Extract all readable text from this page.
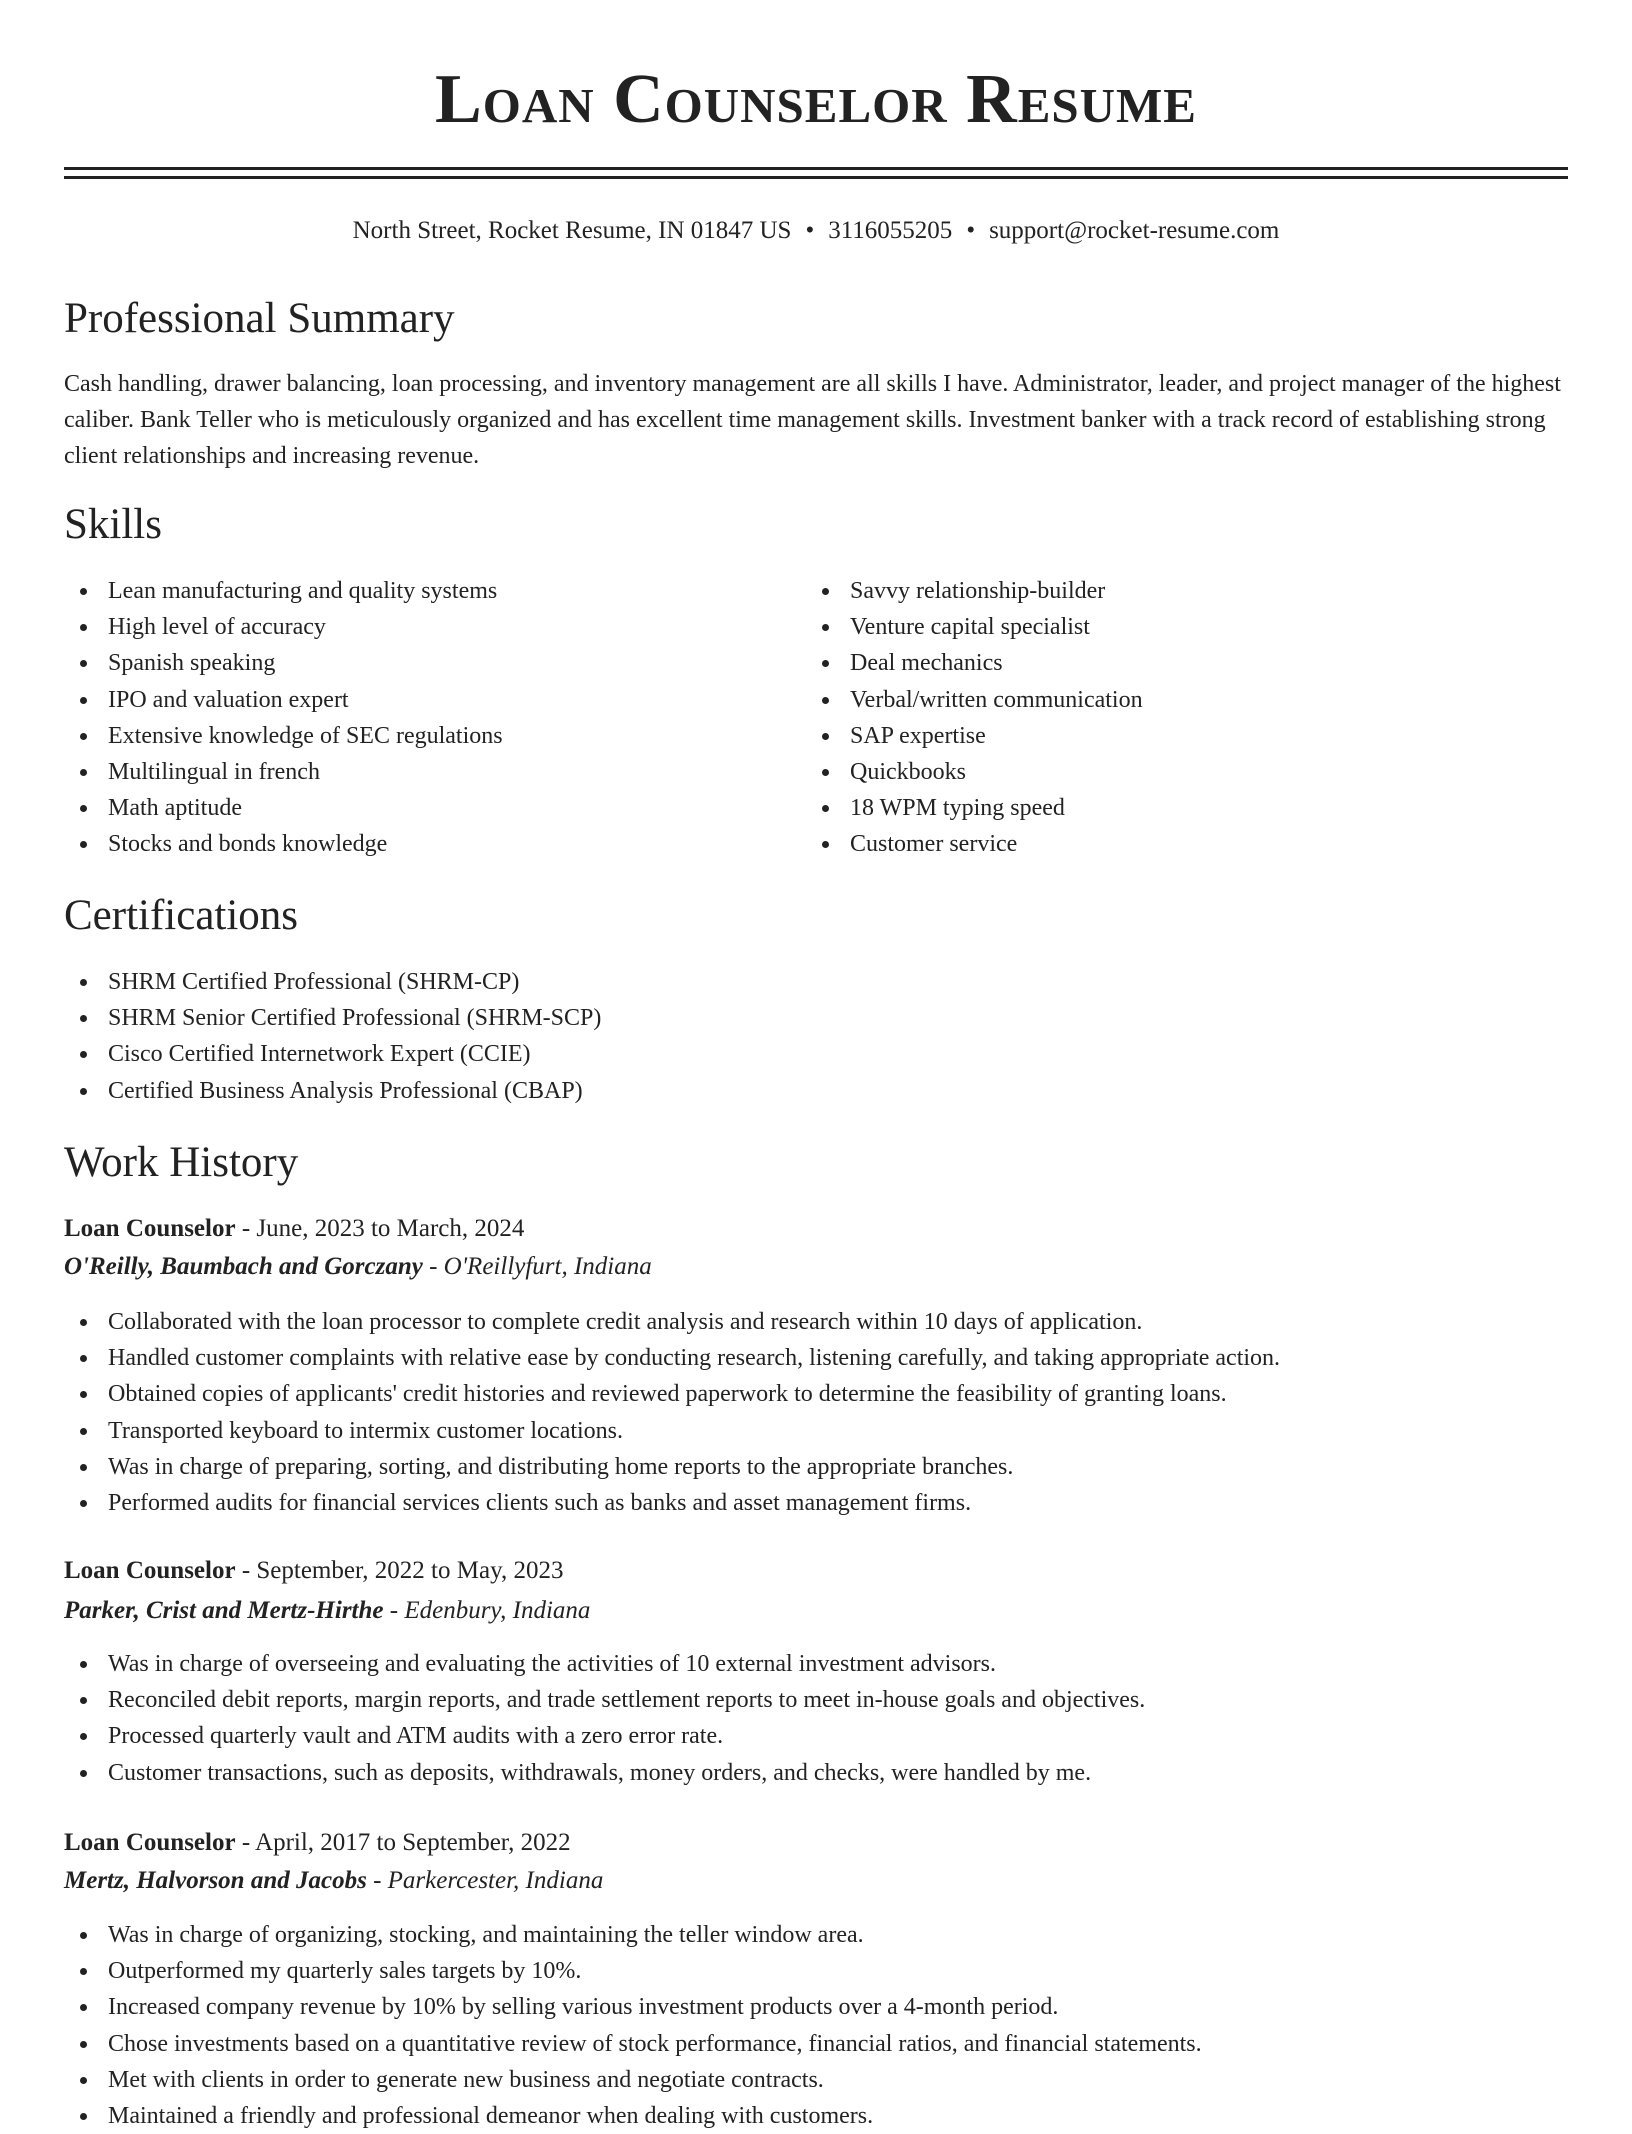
Loan Counselor Resume
North Street, Rocket Resume, IN 01847 US • 3116055205 • support@rocket-resume.com
Professional Summary

Cash handling, drawer balancing, loan processing, and inventory management are all skills I have. Administrator, leader, and project manager of the highest caliber. Bank Teller who is meticulously organized and has excellent time management skills. Investment banker with a track record of establishing strong client relationships and increasing revenue.

Skills
Lean manufacturing and quality systems
High level of accuracy
Spanish speaking
IPO and valuation expert
Extensive knowledge of SEC regulations
Multilingual in french
Math aptitude
Stocks and bonds knowledge
Savvy relationship-builder
Venture capital specialist
Deal mechanics
Verbal/written communication
SAP expertise
Quickbooks
18 WPM typing speed
Customer service
Certifications
SHRM Certified Professional (SHRM-CP)
SHRM Senior Certified Professional (SHRM-SCP)
Cisco Certified Internetwork Expert (CCIE)
Certified Business Analysis Professional (CBAP)
Work History
Loan Counselor - June, 2023 to March, 2024
O'Reilly, Baumbach and Gorczany - O'Reillyfurt, Indiana
Collaborated with the loan processor to complete credit analysis and research within 10 days of application.
Handled customer complaints with relative ease by conducting research, listening carefully, and taking appropriate action.
Obtained copies of applicants' credit histories and reviewed paperwork to determine the feasibility of granting loans.
Transported keyboard to intermix customer locations.
Was in charge of preparing, sorting, and distributing home reports to the appropriate branches.
Performed audits for financial services clients such as banks and asset management firms.
Loan Counselor - September, 2022 to May, 2023
Parker, Crist and Mertz-Hirthe - Edenbury, Indiana
Was in charge of overseeing and evaluating the activities of 10 external investment advisors.
Reconciled debit reports, margin reports, and trade settlement reports to meet in-house goals and objectives.
Processed quarterly vault and ATM audits with a zero error rate.
Customer transactions, such as deposits, withdrawals, money orders, and checks, were handled by me.
Loan Counselor - April, 2017 to September, 2022
Mertz, Halvorson and Jacobs - Parkercester, Indiana
Was in charge of organizing, stocking, and maintaining the teller window area.
Outperformed my quarterly sales targets by 10%.
Increased company revenue by 10% by selling various investment products over a 4-month period.
Chose investments based on a quantitative review of stock performance, financial ratios, and financial statements.
Met with clients in order to generate new business and negotiate contracts.
Maintained a friendly and professional demeanor when dealing with customers.
